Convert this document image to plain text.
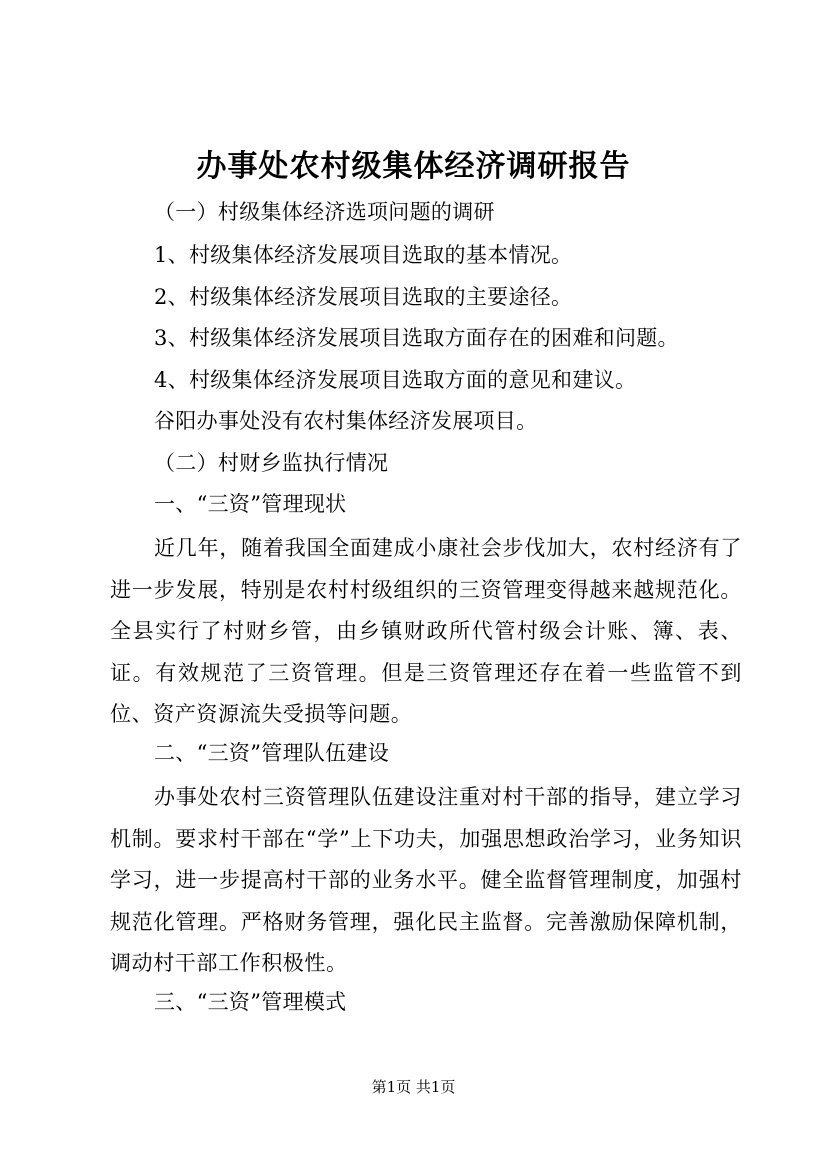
办事处农村级集体经济调研报告
（一）村级集体经济选项问题的调研
1、村级集体经济发展项目选取的基本情况。
2、村级集体经济发展项目选取的主要途径。
3、村级集体经济发展项目选取方面存在的困难和问题。
4、村级集体经济发展项目选取方面的意见和建议。
谷阳办事处没有农村集体经济发展项目。
（二）村财乡监执行情况
一、“三资”管理现状
近几年，随着我国全面建成小康社会步伐加大，农村经济有了进一步发展，特别是农村村级组织的三资管理变得越来越规范化。全县实行了村财乡管，由乡镇财政所代管村级会计账、簿、表、证。有效规范了三资管理。但是三资管理还存在着一些监管不到位、资产资源流失受损等问题。
二、“三资”管理队伍建设
办事处农村三资管理队伍建设注重对村干部的指导，建立学习机制。要求村干部在“学”上下功夫，加强思想政治学习，业务知识学习，进一步提高村干部的业务水平。健全监督管理制度，加强村规范化管理。严格财务管理，强化民主监督。完善激励保障机制，调动村干部工作积极性。
三、“三资”管理模式
第1页 共1页
